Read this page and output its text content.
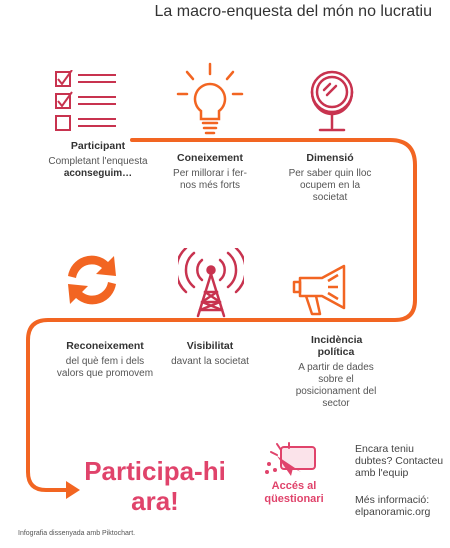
La macro-enquesta del món no lucratiu
Participant
Completant l'enquesta
aconseguim…
Coneixement
Per millorar i fer-nos més forts
Dimensió
Per saber quin lloc ocupem en la societat
Reconeixement
del què fem i dels valors que promovem
Visibilitat
davant la societat
Incidència política
A partir de dades sobre el posicionament del sector
Participa-hi ara!	Accés al qüestionari
Encara teniu dubtes? Contacteu amb l'equip
Més informació:
elpanoramic.org
Infografia dissenyada amb Piktochart.
